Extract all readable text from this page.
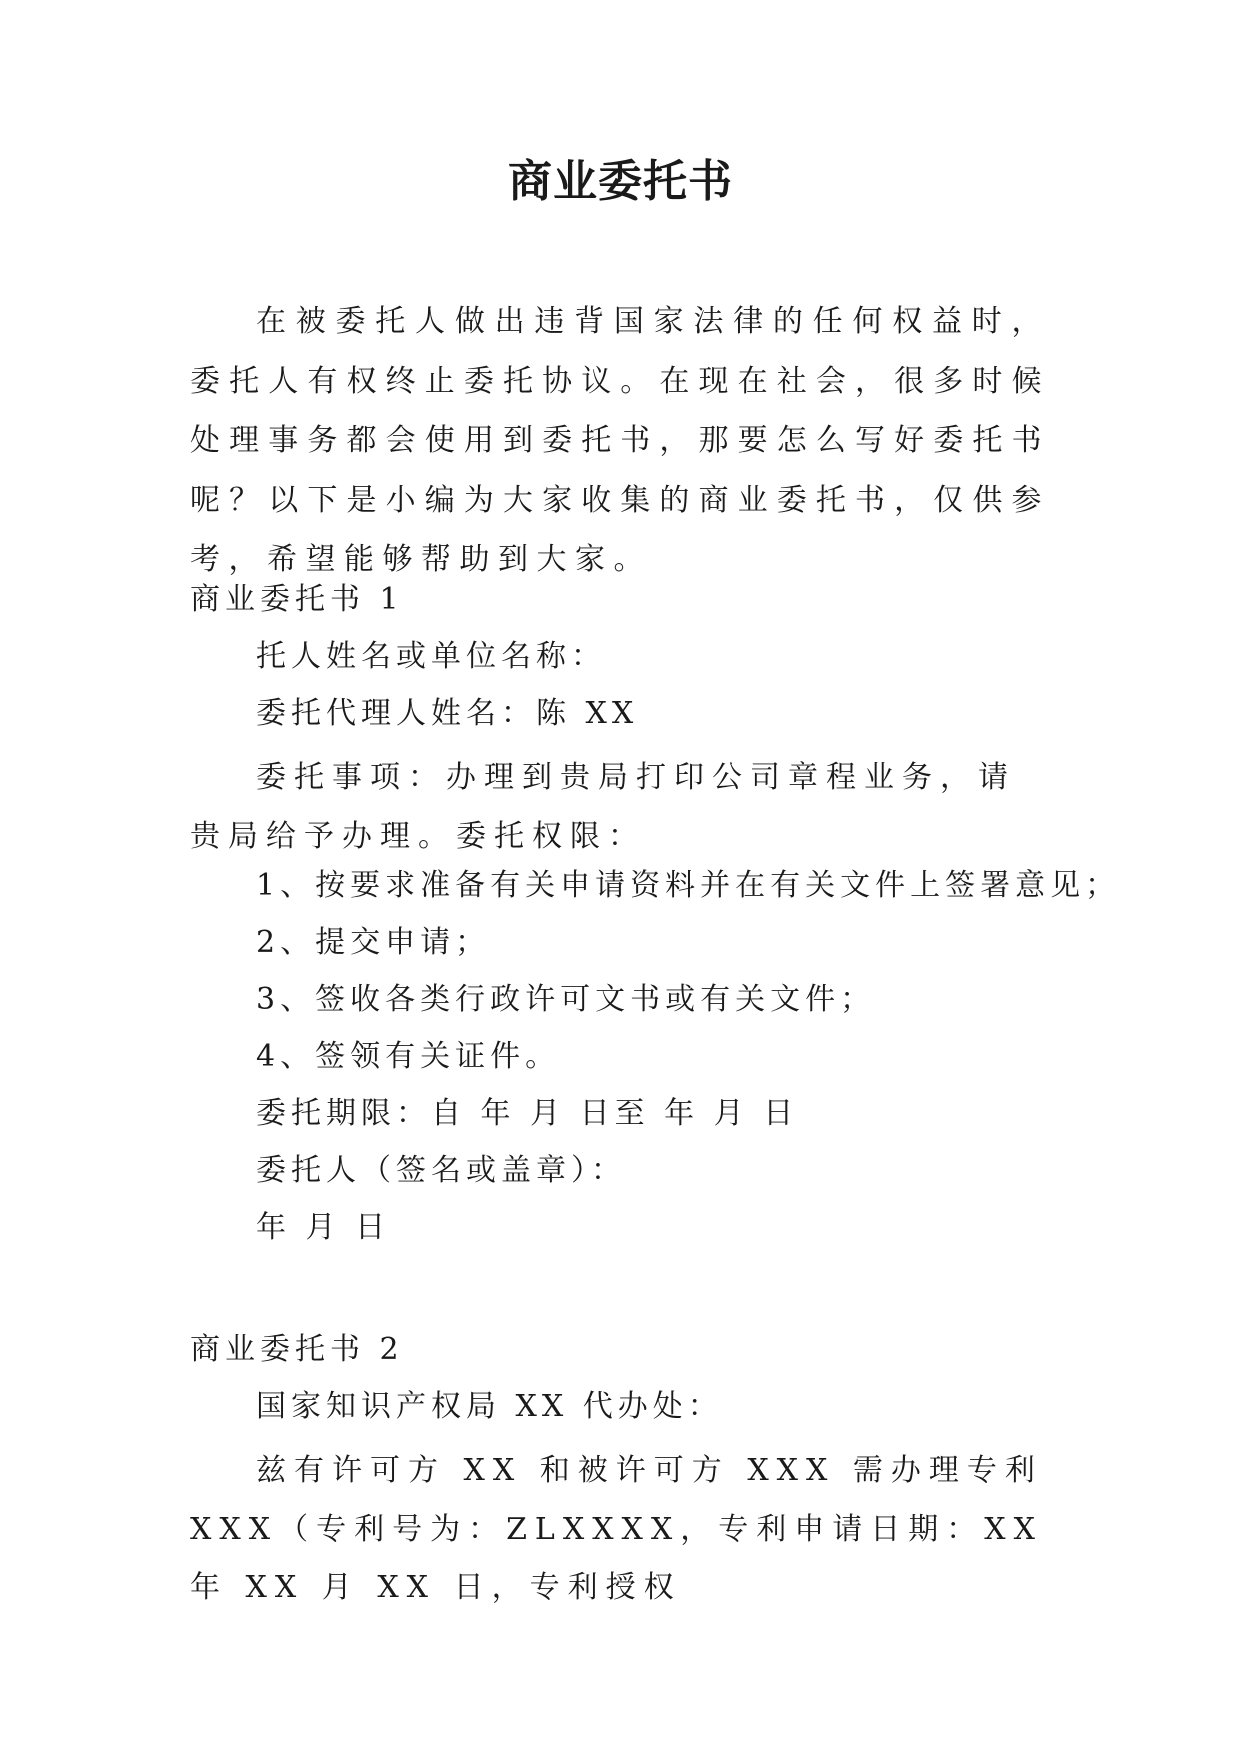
商业委托书

在被委托人做出违背国家法律的任何权益时，委托人有权终止委托协议。在现在社会，很多时候处理事务都会使用到委托书，那要怎么写好委托书呢？以下是小编为大家收集的商业委托书，仅供参考，希望能够帮助到大家。

商业委托书 1

托人姓名或单位名称：

委托代理人姓名：陈 XX

委托事项：办理到贵局打印公司章程业务，请贵局给予办理。委托权限：

1、按要求准备有关申请资料并在有关文件上签署意见；

2、提交申请；

3、签收各类行政许可文书或有关文件；

4、签领有关证件。

委托期限：自 年 月 日至 年 月 日

委托人（签名或盖章）：

年 月 日

商业委托书 2

国家知识产权局 XX 代办处：

兹有许可方 XX 和被许可方 XXX 需办理专利 XXX（专利号为：ZLXXXX，专利申请日期：XX 年 XX 月 XX 日，专利授权
